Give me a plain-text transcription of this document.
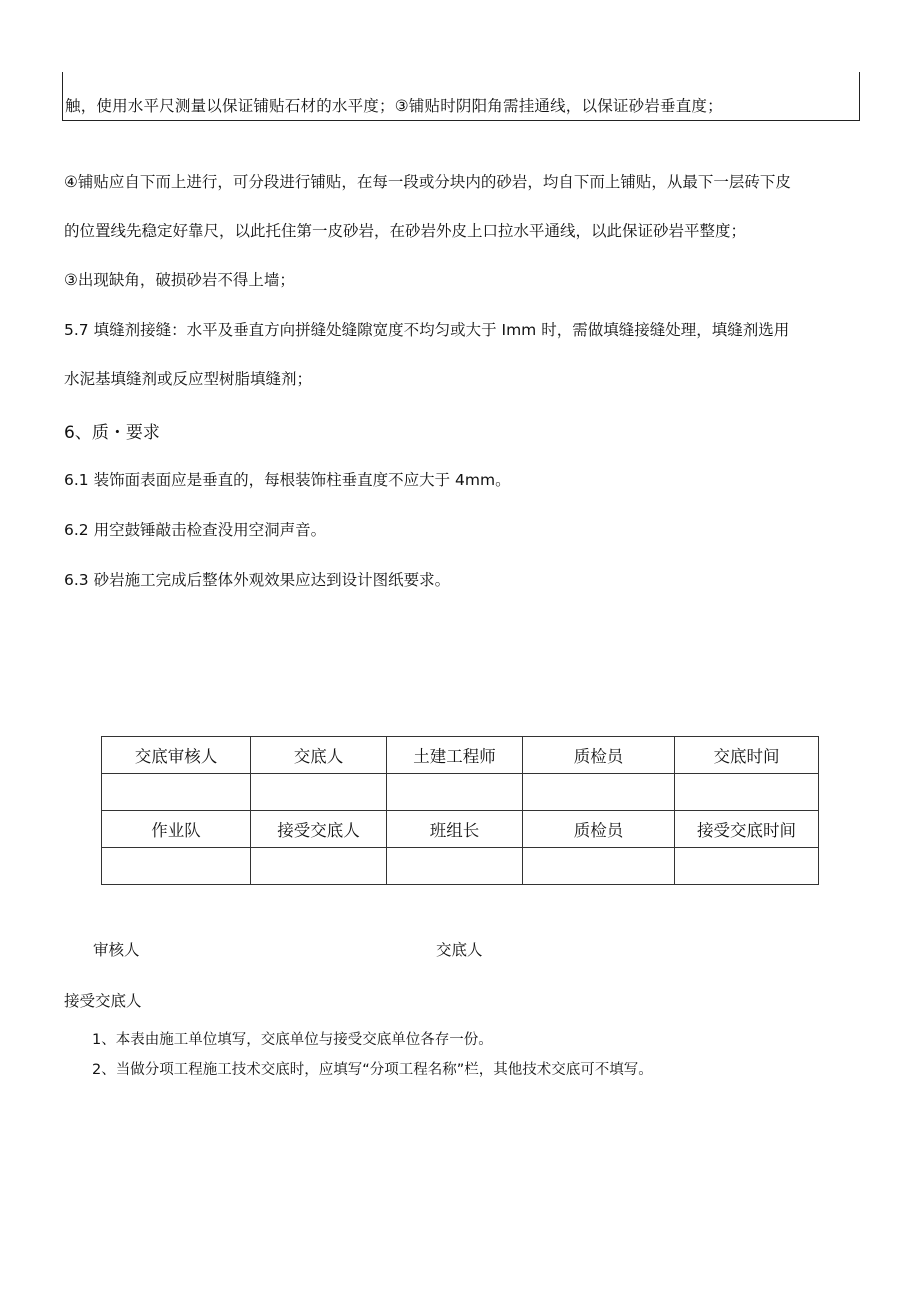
触，使用水平尺测量以保证铺贴石材的水平度；③铺贴时阴阳角需挂通线，以保证砂岩垂直度；
④铺贴应自下而上进行，可分段进行铺贴，在每一段或分块内的砂岩，均自下而上铺贴，从最下一层砖下皮
的位置线先稳定好靠尺，以此托住第一皮砂岩，在砂岩外皮上口拉水平通线，以此保证砂岩平整度；
③出现缺角，破损砂岩不得上墙；
5.7 填缝剂接缝：水平及垂直方向拼缝处缝隙宽度不均匀或大于 Imm 时，需做填缝接缝处理，填缝剂选用
水泥基填缝剂或反应型树脂填缝剂；
6、质・要求
6.1 装饰面表面应是垂直的，每根装饰柱垂直度不应大于 4mm。
6.2 用空鼓锤敲击检查没用空洞声音。
6.3 砂岩施工完成后整体外观效果应达到设计图纸要求。
交底审核人	交底人	土建工程师	质检员	交底时间

作业队	接受交底人	班组长	质检员	接受交底时间

审核人	交底人
接受交底人
1、本表由施工单位填写，交底单位与接受交底单位各存一份。
2、当做分项工程施工技术交底时，应填写“分项工程名称”栏，其他技术交底可不填写。
